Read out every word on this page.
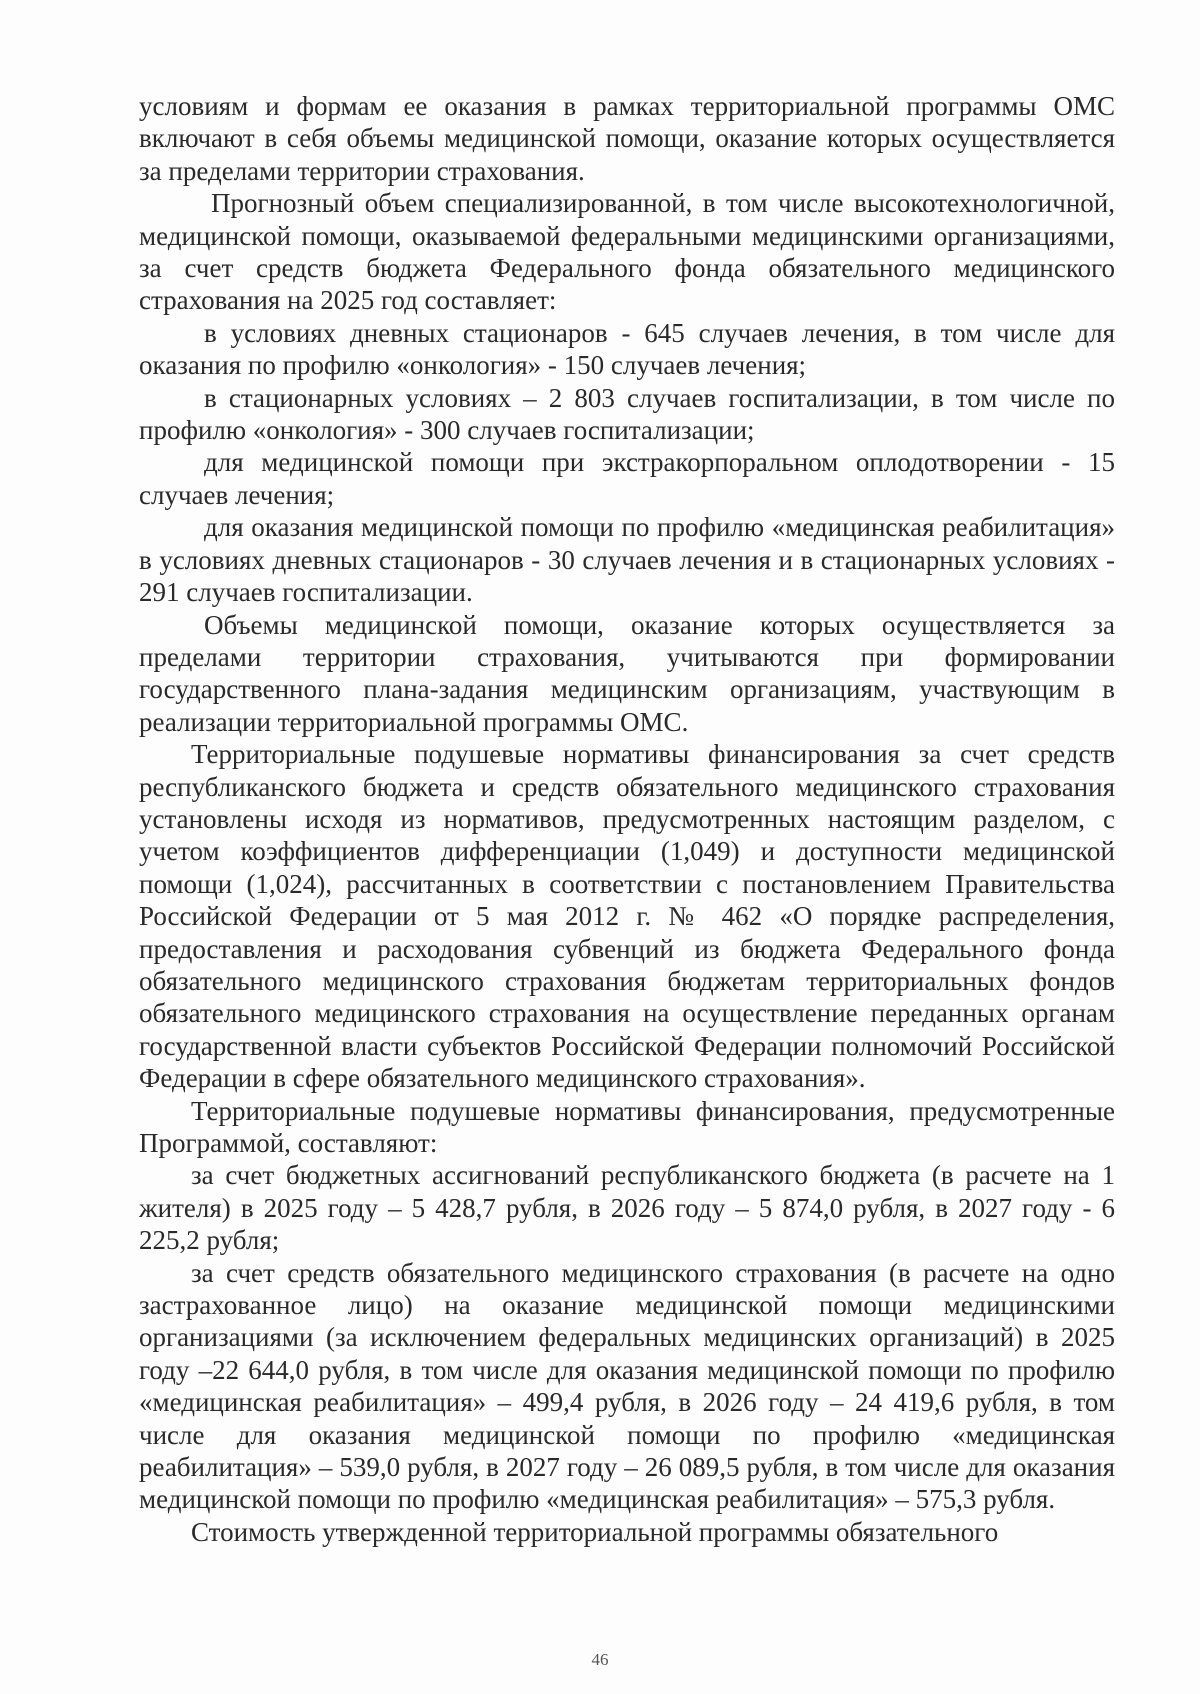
условиям и формам ее оказания в рамках территориальной программы ОМС включают в себя объемы медицинской помощи, оказание которых осуществляется за пределами территории страхования.

Прогнозный объем специализированной, в том числе высокотехнологичной, медицинской помощи, оказываемой федеральными медицинскими организациями, за счет средств бюджета Федерального фонда обязательного медицинского страхования на 2025 год составляет:

в условиях дневных стационаров - 645 случаев лечения, в том числе для оказания по профилю «онкология» - 150 случаев лечения;

в стационарных условиях – 2 803 случаев госпитализации, в том числе по профилю «онкология» - 300 случаев госпитализации;

для медицинской помощи при экстракорпоральном оплодотворении - 15 случаев лечения;

для оказания медицинской помощи по профилю «медицинская реабилитация» в условиях дневных стационаров - 30 случаев лечения и в стационарных условиях - 291 случаев госпитализации.

Объемы медицинской помощи, оказание которых осуществляется за пределами территории страхования, учитываются при формировании государственного плана-задания медицинским организациям, участвующим в реализации территориальной программы ОМС.

Территориальные подушевые нормативы финансирования за счет средств республиканского бюджета и средств обязательного медицинского страхования установлены исходя из нормативов, предусмотренных настоящим разделом, с учетом коэффициентов дифференциации (1,049) и доступности медицинской помощи (1,024), рассчитанных в соответствии с постановлением Правительства Российской Федерации от 5 мая 2012 г. № 462 «О порядке распределения, предоставления и расходования субвенций из бюджета Федерального фонда обязательного медицинского страхования бюджетам территориальных фондов обязательного медицинского страхования на осуществление переданных органам государственной власти субъектов Российской Федерации полномочий Российской Федерации в сфере обязательного медицинского страхования».

Территориальные подушевые нормативы финансирования, предусмотренные Программой, составляют:

за счет бюджетных ассигнований республиканского бюджета (в расчете на 1 жителя) в 2025 году – 5 428,7 рубля, в 2026 году – 5 874,0 рубля, в 2027 году - 6 225,2 рубля;

за счет средств обязательного медицинского страхования (в расчете на одно застрахованное лицо) на оказание медицинской помощи медицинскими организациями (за исключением федеральных медицинских организаций) в 2025 году –22 644,0 рубля, в том числе для оказания медицинской помощи по профилю «медицинская реабилитация» – 499,4 рубля, в 2026 году – 24 419,6 рубля, в том числе для оказания медицинской помощи по профилю «медицинская реабилитация» – 539,0 рубля, в 2027 году – 26 089,5 рубля, в том числе для оказания медицинской помощи по профилю «медицинская реабилитация» – 575,3 рубля.

Стоимость утвержденной территориальной программы обязательного

46
